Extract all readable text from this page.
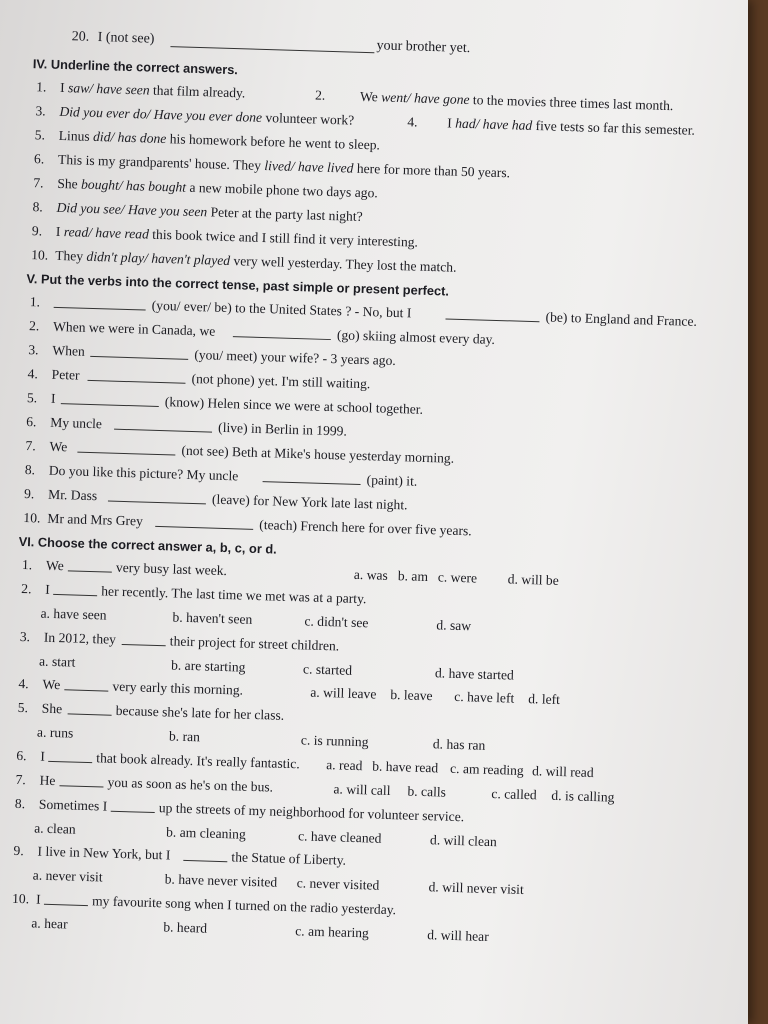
20. I (not see)	your brother yet.
IV. Underline the correct answers.
1. I saw/ have seen that film already.	2.	We went/ have gone to the movies three times last month.
3. Did you ever do/ Have you ever done volunteer work?	4. I had/ have had five tests so far this semester.
5. Linus did/ has done his homework before he went to sleep.
6. This is my grandparents' house. They lived/ have lived here for more than 50 years.
7. She bought/ has bought a new mobile phone two days ago.
8. Did you see/ Have you seen Peter at the party last night?
9. I read/ have read this book twice and I still find it very interesting.
10. They didn't play/ haven't played very well yesterday. They lost the match.
V. Put the verbs into the correct tense, past simple or present perfect.
1.	(you/ ever/ be) to the United States ? - No, but I	(be) to England and France.
2. When we were in Canada, we	(go) skiing almost every day.
3. When	(you/ meet) your wife? - 3 years ago.
4. Peter	(not phone) yet. I'm still waiting.
5. I	(know) Helen since we were at school together.
6. My uncle	(live) in Berlin in 1999.
7. We	(not see) Beth at Mike's house yesterday morning.
8. Do you like this picture? My uncle	(paint) it.
9. Mr. Dass	(leave) for New York late last night.
10. Mr and Mrs Grey	(teach) French here for over five years.
VI. Choose the correct answer a, b, c, or d.
1. We	very busy last week.	a. was b. am c. were d. will be
2. I	her recently. The last time we met was at a party.
a. have seen	b. haven't seen	c. didn't see	d. saw
3. In 2012, they	their project for street children.
a. start	b. are starting	c. started	d. have started
4. We	very early this morning.	a. will leave b. leave c. have left d. left
5. She	because she's late for her class.
a. runs	b. ran	c. is running	d. has ran
6. I	that book already. It's really fantastic. a. read b. have read c. am reading d. will read
7. He	you as soon as he's on the bus.	a. will call b. calls	c. called d. is calling
8. Sometimes I	up the streets of my neighborhood for volunteer service.
a. clean	b. am cleaning	c. have cleaned	d. will clean
9. I live in New York, but I	the Statue of Liberty.
a. never visit	b. have never visited c. never visited	d. will never visit
10. I	my favourite song when I turned on the radio yesterday.
a. hear	b. heard	c. am hearing	d. will hear
